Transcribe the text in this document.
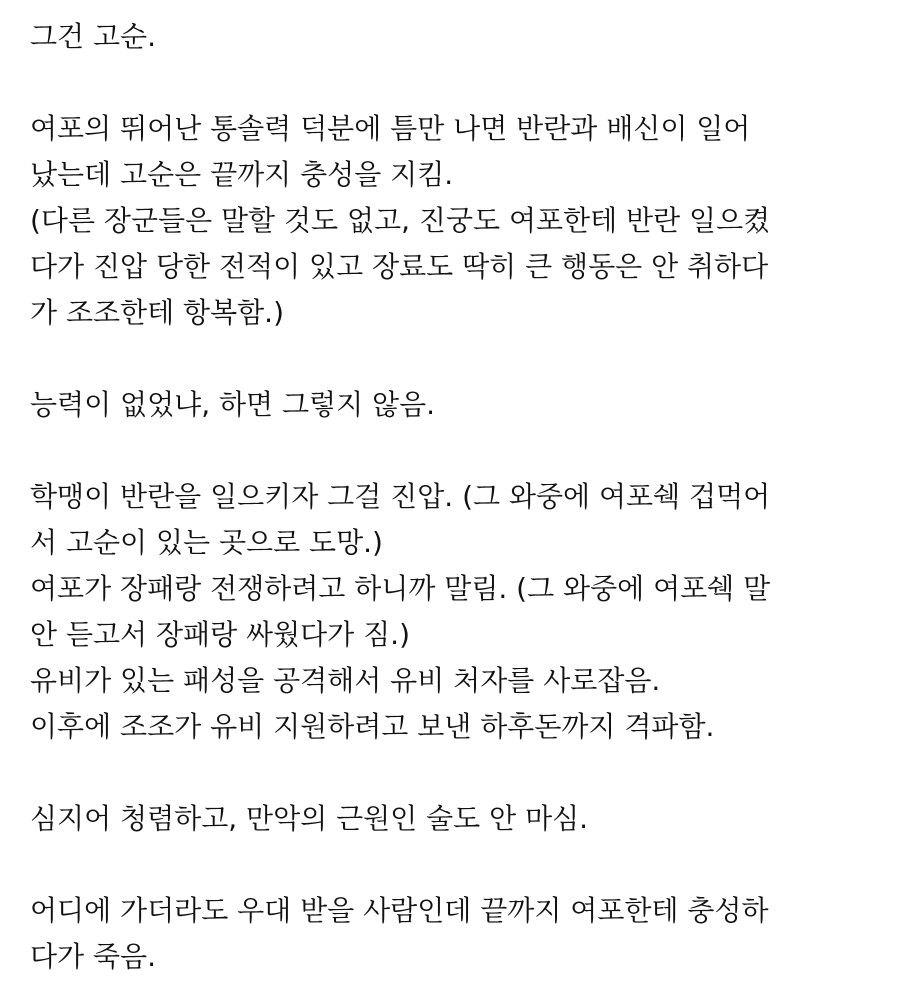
그건 고순.
여포의 뛰어난 통솔력 덕분에 틈만 나면 반란과 배신이 일어
났는데 고순은 끝까지 충성을 지킴.
(다른 장군들은 말할 것도 없고, 진궁도 여포한테 반란 일으켰
다가 진압 당한 전적이 있고 장료도 딱히 큰 행동은 안 취하다
가 조조한테 항복함.)
능력이 없었냐, 하면 그렇지 않음.
학맹이 반란을 일으키자 그걸 진압. (그 와중에 여포쉑 겁먹어
서 고순이 있는 곳으로 도망.)
여포가 장패랑 전쟁하려고 하니까 말림. (그 와중에 여포쉑 말
안 듣고서 장패랑 싸웠다가 짐.)
유비가 있는 패성을 공격해서 유비 처자를 사로잡음.
이후에 조조가 유비 지원하려고 보낸 하후돈까지 격파함.
심지어 청렴하고, 만악의 근원인 술도 안 마심.
어디에 가더라도 우대 받을 사람인데 끝까지 여포한테 충성하
다가 죽음.
